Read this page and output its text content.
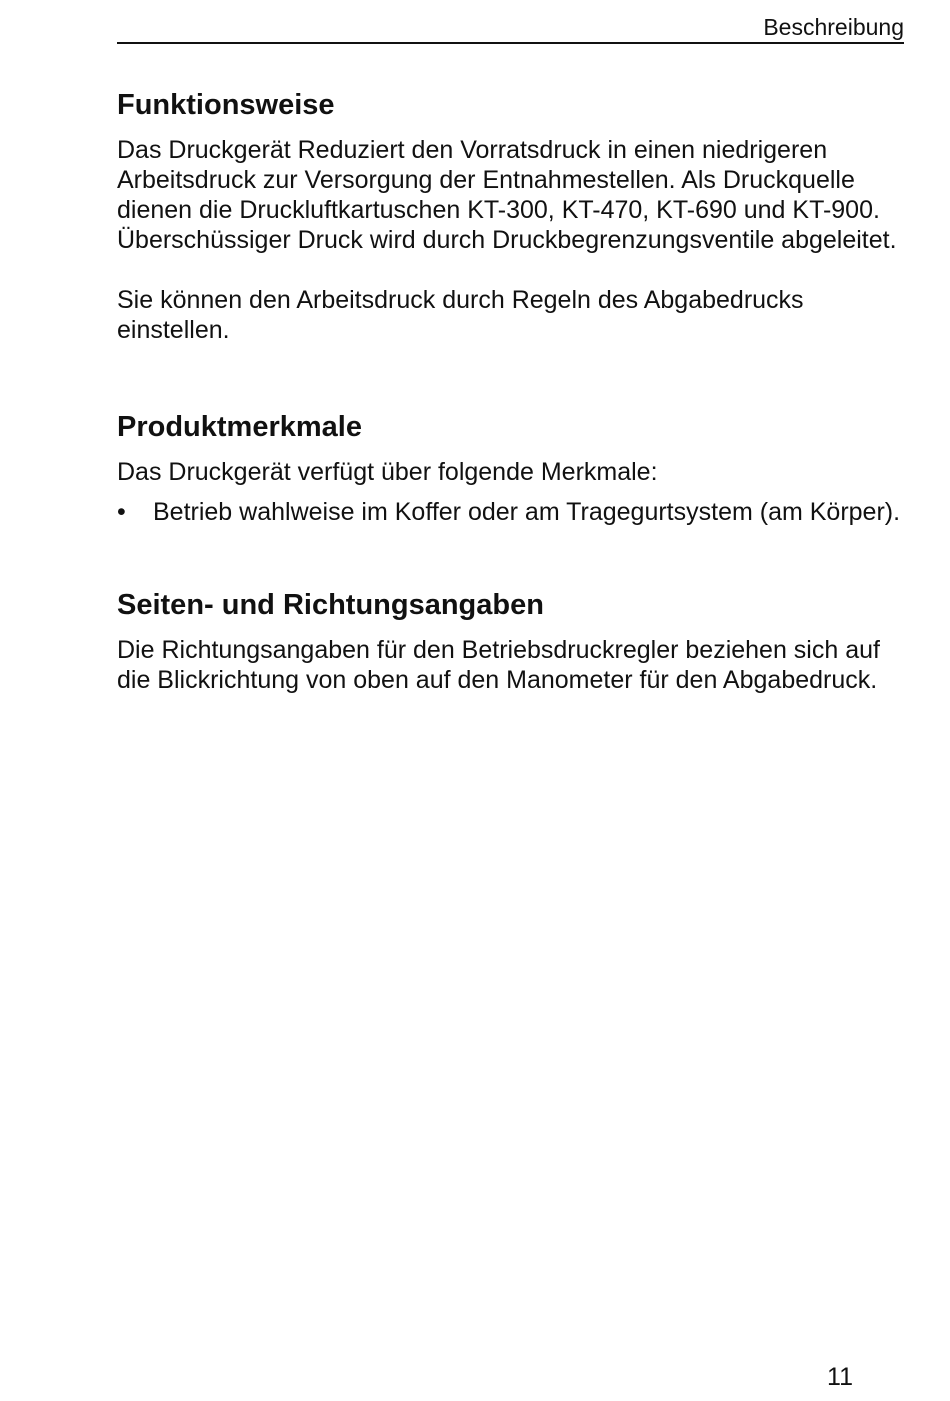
Beschreibung
Funktionsweise

Das Druckgerät Reduziert den Vorratsdruck in einen niedrigeren Arbeitsdruck zur Versorgung der Entnahmestellen. Als Druckquelle dienen die Druckluftkartuschen KT-300, KT-470, KT-690 und KT-900. Überschüssiger Druck wird durch Druckbegrenzungsventile abgeleitet.

Sie können den Arbeitsdruck durch Regeln des Abgabedrucks einstellen.

Produktmerkmale

Das Druckgerät verfügt über folgende Merkmale:

•	Betrieb wahlweise im Koffer oder am Tragegurtsystem (am Körper).
Seiten- und Richtungsangaben

Die Richtungsangaben für den Betriebsdruckregler beziehen sich auf die Blickrichtung von oben auf den Manometer für den Abgabedruck.

11
